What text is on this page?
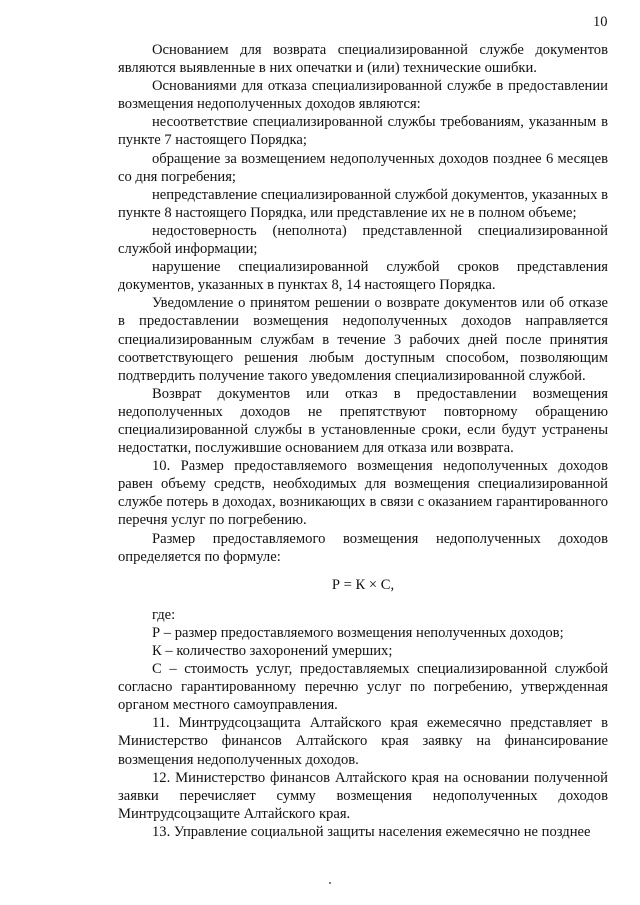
10

Основанием для возврата специализированной службе документов являются выявленные в них опечатки и (или) технические ошибки.

Основаниями для отказа специализированной службе в предоставлении возмещения недополученных доходов являются:

несоответствие специализированной службы требованиям, указанным в пункте 7 настоящего Порядка;

обращение за возмещением недополученных доходов позднее 6 месяцев со дня погребения;

непредставление специализированной службой документов, указанных в пункте 8 настоящего Порядка, или представление их не в полном объеме;

недостоверность (неполнота) представленной специализированной службой информации;

нарушение специализированной службой сроков представления документов, указанных в пунктах 8, 14 настоящего Порядка.

Уведомление о принятом решении о возврате документов или об отказе в предоставлении возмещения недополученных доходов направляется специализированным службам в течение 3 рабочих дней после принятия соответствующего решения любым доступным способом, позволяющим подтвердить получение такого уведомления специализированной службой.

Возврат документов или отказ в предоставлении возмещения недополученных доходов не препятствуют повторному обращению специализированной службы в установленные сроки, если будут устранены недостатки, послужившие основанием для отказа или возврата.

10. Размер предоставляемого возмещения недополученных доходов равен объему средств, необходимых для возмещения специализированной службе потерь в доходах, возникающих в связи с оказанием гарантированного перечня услуг по погребению.

Размер предоставляемого возмещения недополученных доходов определяется по формуле:

Р = К × С,

где:

Р – размер предоставляемого возмещения неполученных доходов;

К – количество захоронений умерших;

С – стоимость услуг, предоставляемых специализированной службой согласно гарантированному перечню услуг по погребению, утвержденная органом местного самоуправления.

11. Минтрудсоцзащита Алтайского края ежемесячно представляет в Министерство финансов Алтайского края заявку на финансирование возмещения недополученных доходов.

12. Министерство финансов Алтайского края на основании полученной заявки перечисляет сумму возмещения недополученных доходов Минтрудсоцзащите Алтайского края.

13. Управление социальной защиты населения ежемесячно не позднее
